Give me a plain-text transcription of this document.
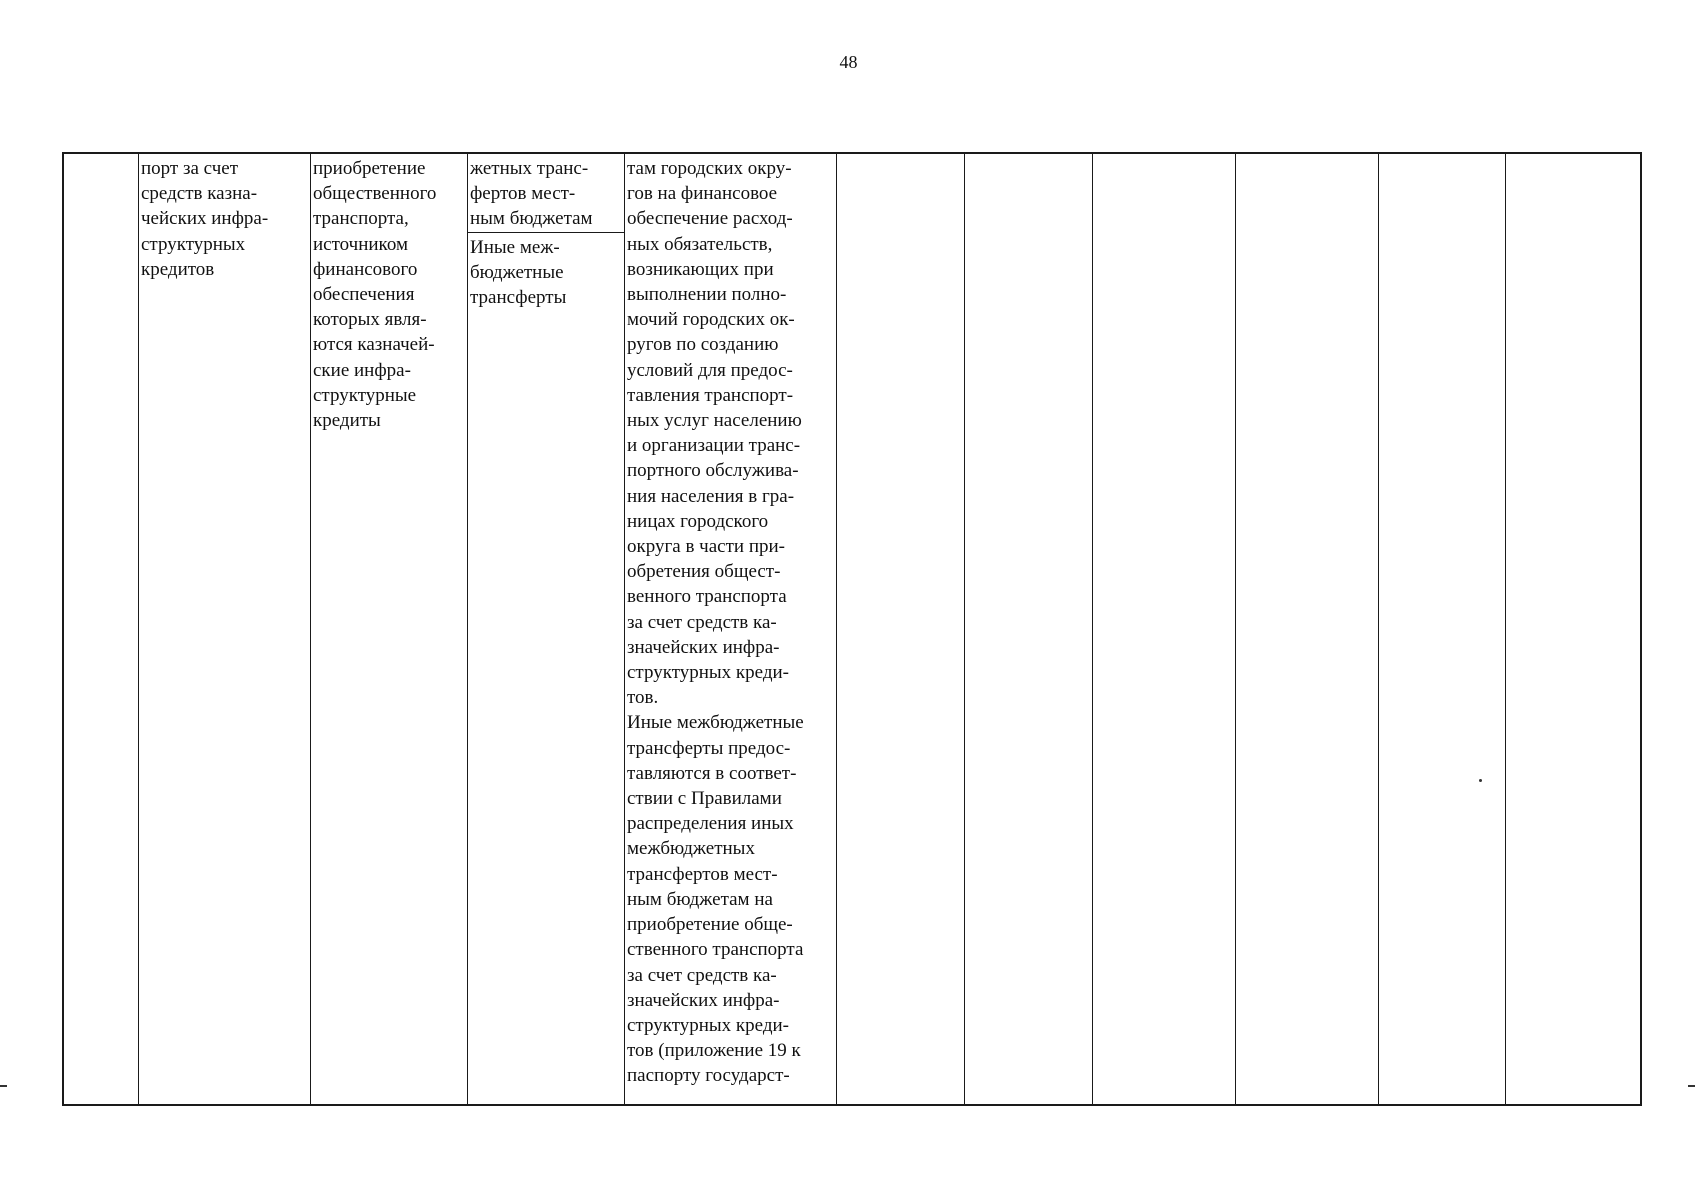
48

порт за счет
средств казна-
чейских инфра-
структурных
кредитов

приобретение
общественного
транспорта,
источником
финансового
обеспечения
которых явля-
ются казначей-
ские инфра-
структурные
кредиты

жетных транс-
фертов мест-
ным бюджетам

Иные меж-
бюджетные
трансферты

там городских окру-
гов на финансовое
обеспечение расход-
ных обязательств,
возникающих при
выполнении полно-
мочий городских ок-
ругов по созданию
условий для предос-
тавления транспорт-
ных услуг населению
и организации транс-
портного обслужива-
ния населения в гра-
ницах городского
округа в части при-
обретения общест-
венного транспорта
за счет средств ка-
значейских инфра-
структурных креди-
тов.
Иные межбюджетные
трансферты предос-
тавляются в соответ-
ствии с Правилами
распределения иных
межбюджетных
трансфертов мест-
ным бюджетам на
приобретение обще-
ственного транспорта
за счет средств ка-
значейских инфра-
структурных креди-
тов (приложение 19 к
паспорту государст-
